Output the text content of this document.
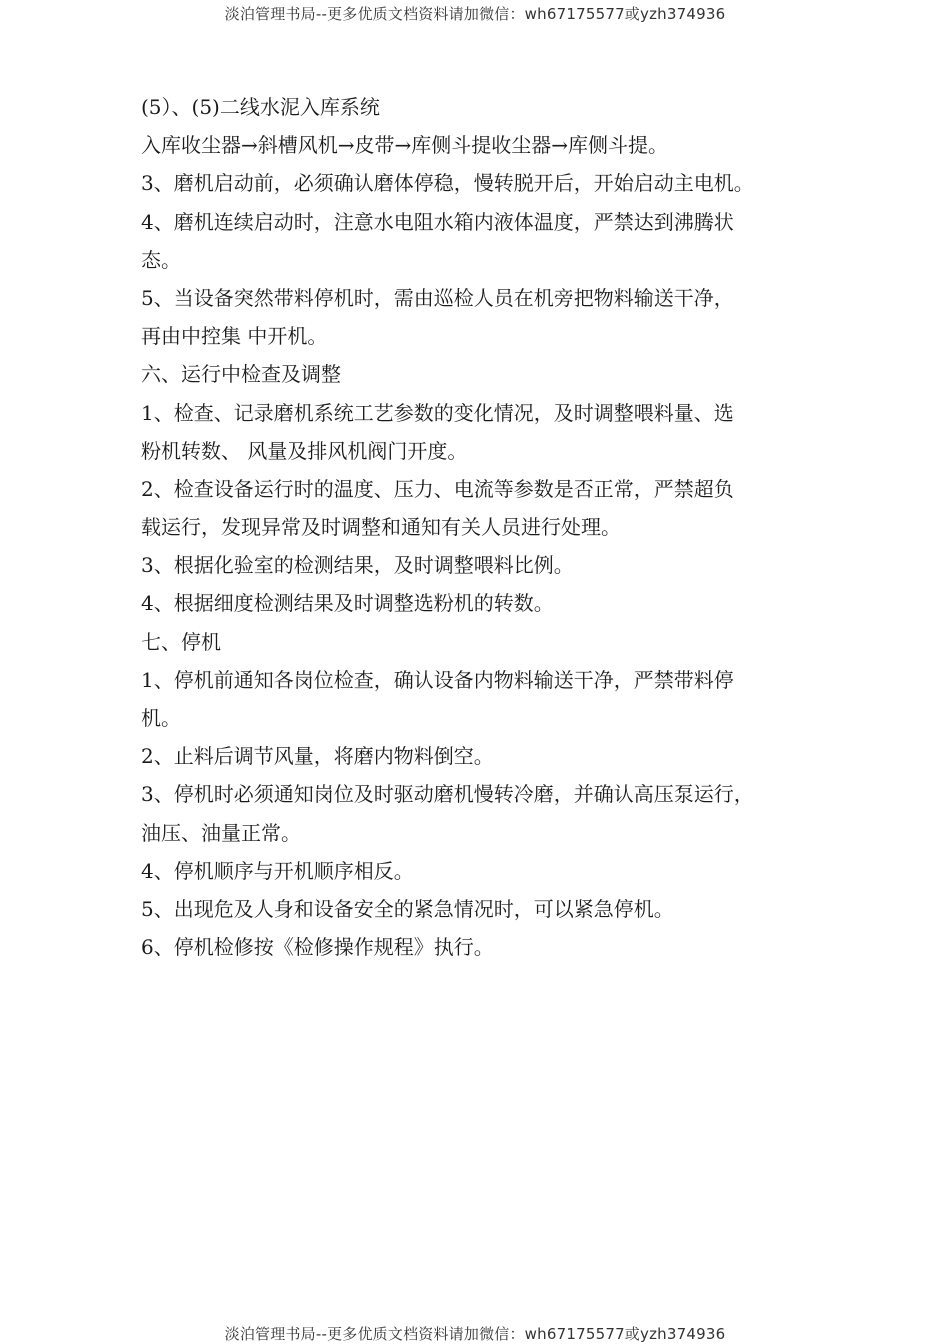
淡泊管理书局--更多优质文档资料请加微信：wh67175577或yzh374936
(5）、(5)二线水泥入库系统
入库收尘器→斜槽风机→皮带→库侧斗提收尘器→库侧斗提。
3、磨机启动前，必须确认磨体停稳，慢转脱开后，开始启动主电机。
4、磨机连续启动时，注意水电阻水箱内液体温度，严禁达到沸腾状
态。
5、当设备突然带料停机时，需由巡检人员在机旁把物料输送干净，
再由中控集 中开机。
六、运行中检查及调整
1、检查、记录磨机系统工艺参数的变化情况，及时调整喂料量、选
粉机转数、 风量及排风机阀门开度。
2、检查设备运行时的温度、压力、电流等参数是否正常，严禁超负
载运行，发现异常及时调整和通知有关人员进行处理。
3、根据化验室的检测结果，及时调整喂料比例。
4、根据细度检测结果及时调整选粉机的转数。
七、停机
1、停机前通知各岗位检查，确认设备内物料输送干净，严禁带料停
机。
2、止料后调节风量，将磨内物料倒空。
3、停机时必须通知岗位及时驱动磨机慢转冷磨，并确认高压泵运行，
油压、油量正常。
4、停机顺序与开机顺序相反。
5、出现危及人身和设备安全的紧急情况时，可以紧急停机。
6、停机检修按《检修操作规程》执行。
淡泊管理书局--更多优质文档资料请加微信：wh67175577或yzh374936
